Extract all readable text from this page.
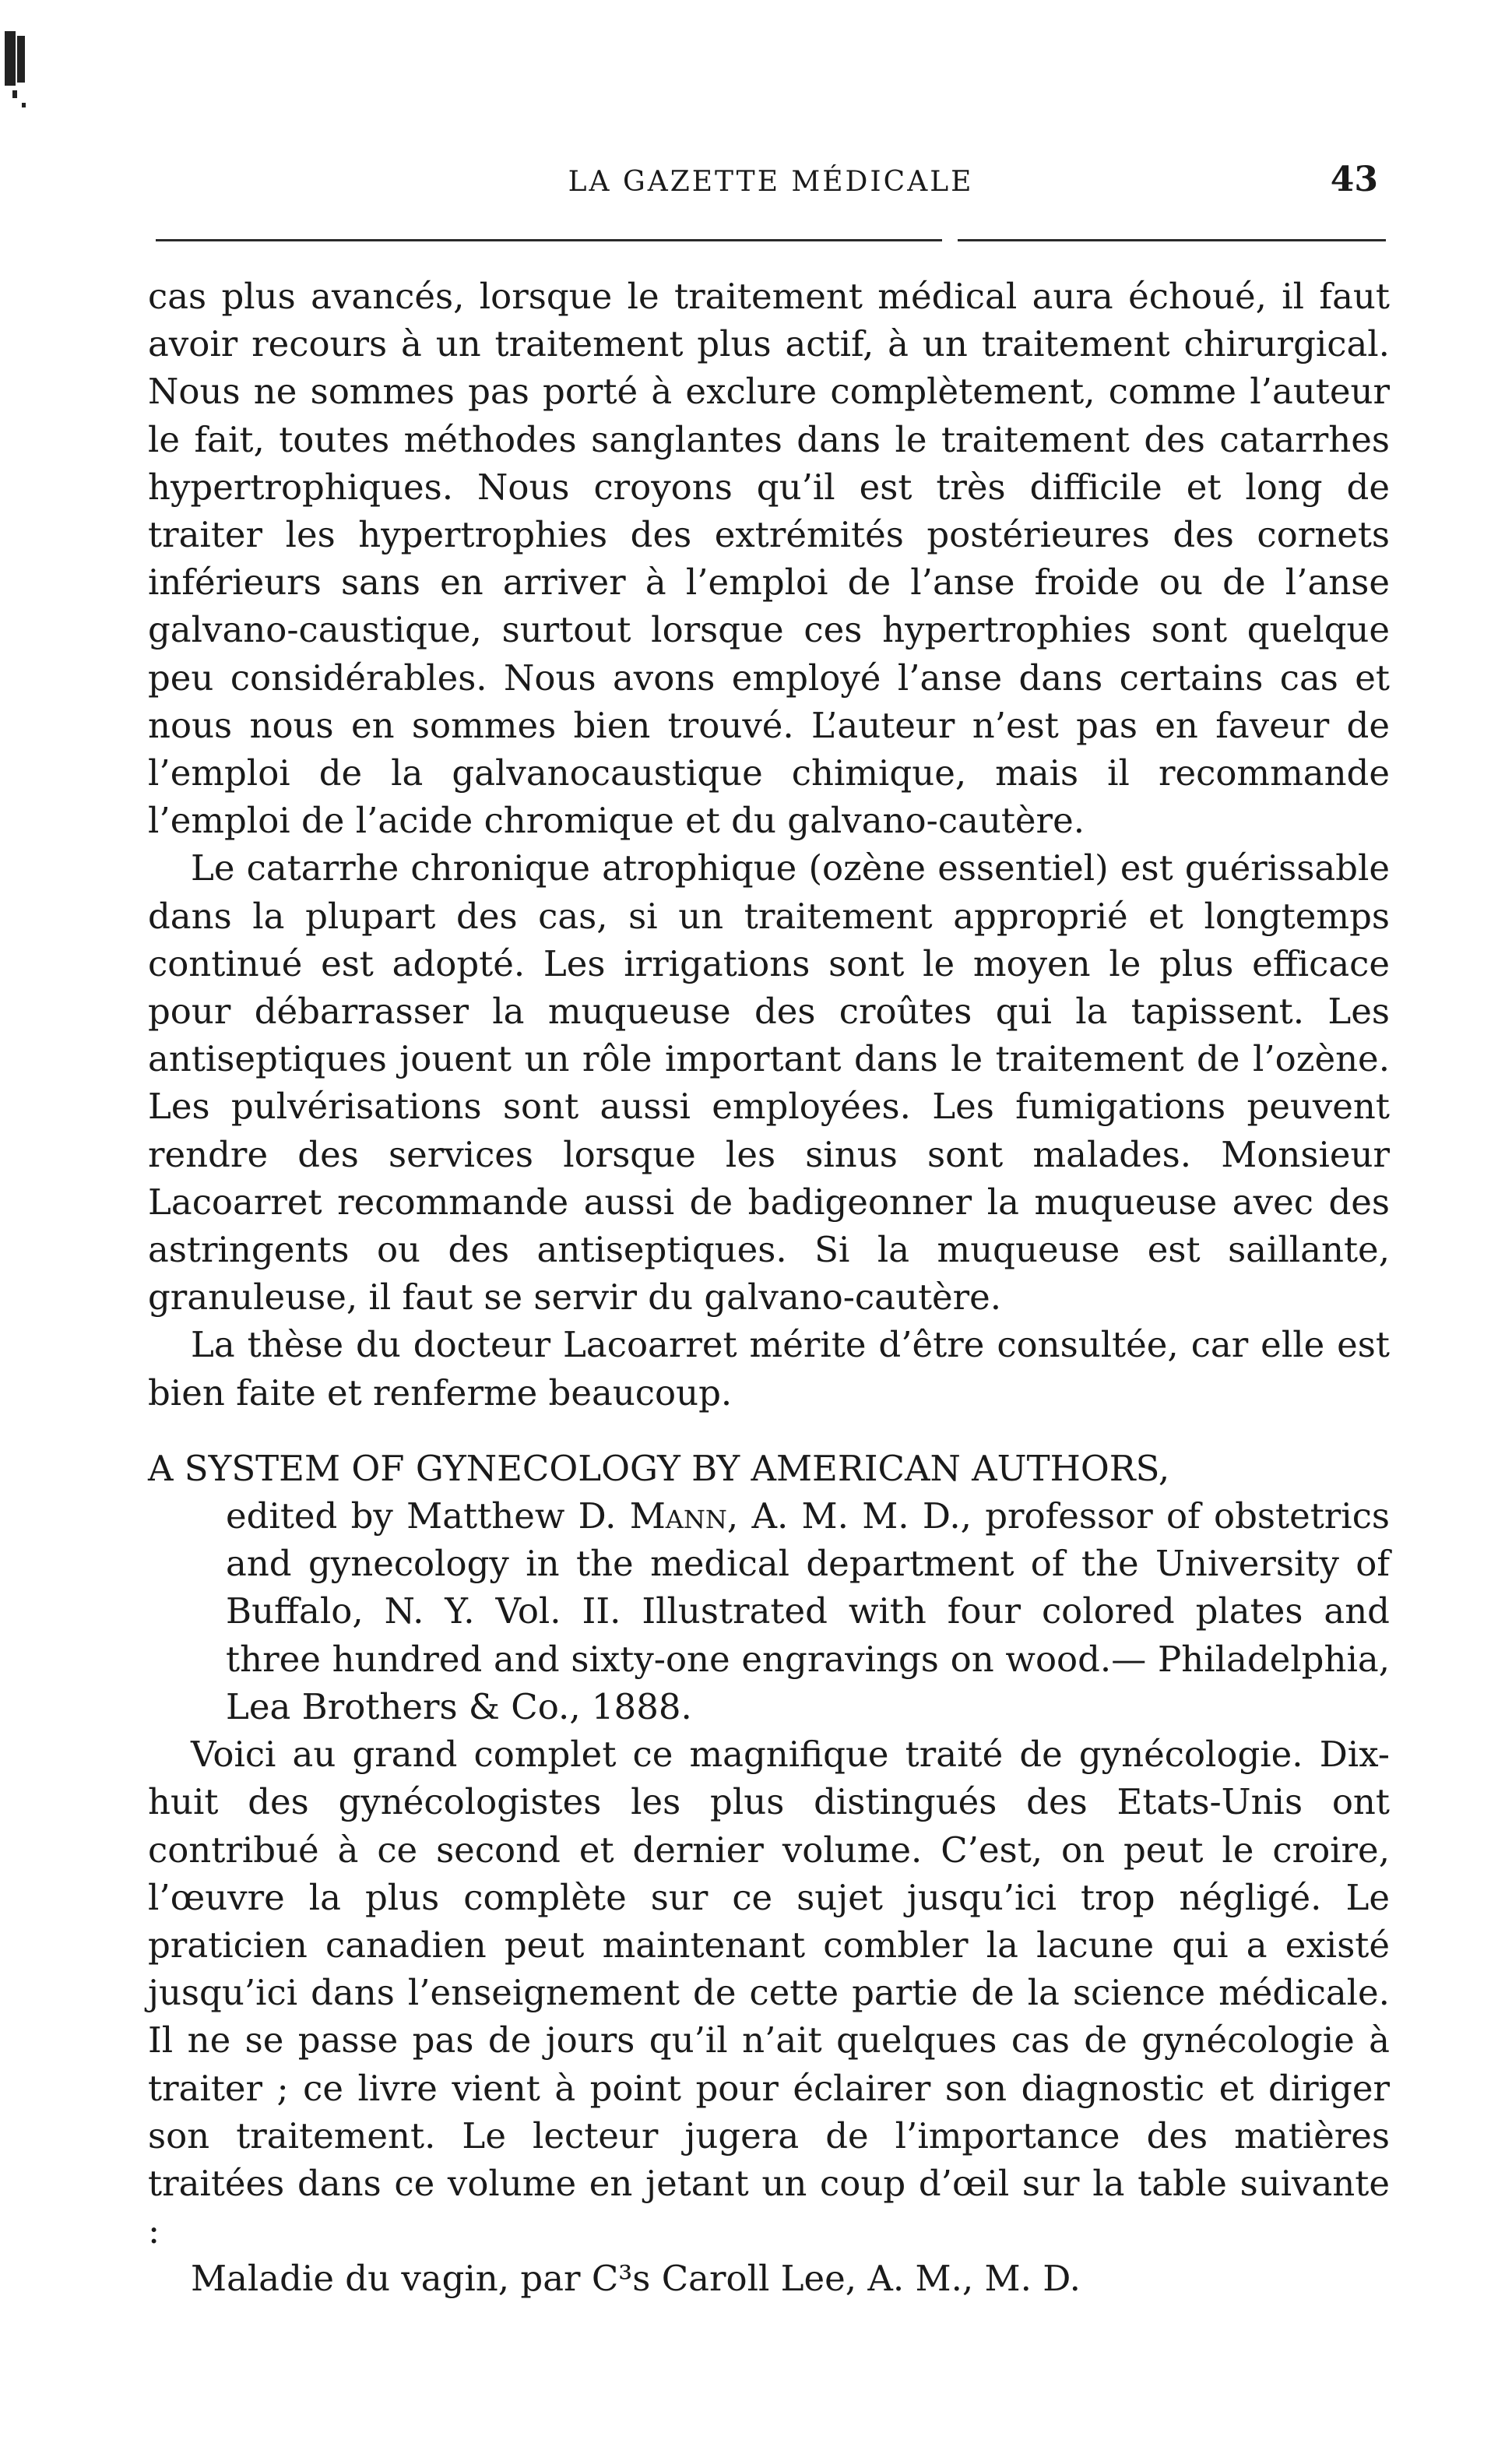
LA GAZETTE MÉDICALE	43

cas plus avancés, lorsque le traitement médical aura échoué, il faut avoir recours à un traitement plus actif, à un traitement chirurgical. Nous ne sommes pas porté à exclure complètement, comme l’auteur le fait, toutes méthodes sanglantes dans le traitement des catarrhes hypertrophiques. Nous croyons qu’il est très difficile et long de traiter les hypertrophies des extrémités postérieures des cornets inférieurs sans en arriver à l’emploi de l’anse froide ou de l’anse galvano-caustique, surtout lorsque ces hypertrophies sont quelque peu considérables. Nous avons employé l’anse dans certains cas et nous nous en sommes bien trouvé. L’auteur n’est pas en faveur de l’emploi de la galvanocaustique chimique, mais il recommande l’emploi de l’acide chromique et du galvano-cautère.

Le catarrhe chronique atrophique (ozène essentiel) est guérissable dans la plupart des cas, si un traitement approprié et longtemps continué est adopté. Les irrigations sont le moyen le plus efficace pour débarrasser la muqueuse des croûtes qui la tapissent. Les antiseptiques jouent un rôle important dans le traitement de l’ozène. Les pulvérisations sont aussi employées. Les fumigations peuvent rendre des services lorsque les sinus sont malades. Monsieur Lacoarret recommande aussi de badigeonner la muqueuse avec des astringents ou des antiseptiques. Si la muqueuse est saillante, granuleuse, il faut se servir du galvano-cautère.

La thèse du docteur Lacoarret mérite d’être consultée, car elle est bien faite et renferme beaucoup.

A SYSTEM OF GYNECOLOGY BY AMERICAN AUTHORS,

edited by Matthew D. Mann, A. M. M. D., professor of obstetrics and gynecology in the medical department of the University of Buffalo, N. Y. Vol. II. Illustrated with four colored plates and three hundred and sixty-one engravings on wood.— Philadelphia, Lea Brothers & Co., 1888.

Voici au grand complet ce magnifique traité de gynécologie. Dix-huit des gynécologistes les plus distingués des Etats-Unis ont contribué à ce second et dernier volume. C’est, on peut le croire, l’œuvre la plus complète sur ce sujet jusqu’ici trop négligé. Le praticien canadien peut maintenant combler la lacune qui a existé jusqu’ici dans l’enseignement de cette partie de la science médicale. Il ne se passe pas de jours qu’il n’ait quelques cas de gynécologie à traiter ; ce livre vient à point pour éclairer son diagnostic et diriger son traitement. Le lecteur jugera de l’importance des matières traitées dans ce volume en jetant un coup d’œil sur la table suivante :

Maladie du vagin, par C³s Caroll Lee, A. M., M. D.
